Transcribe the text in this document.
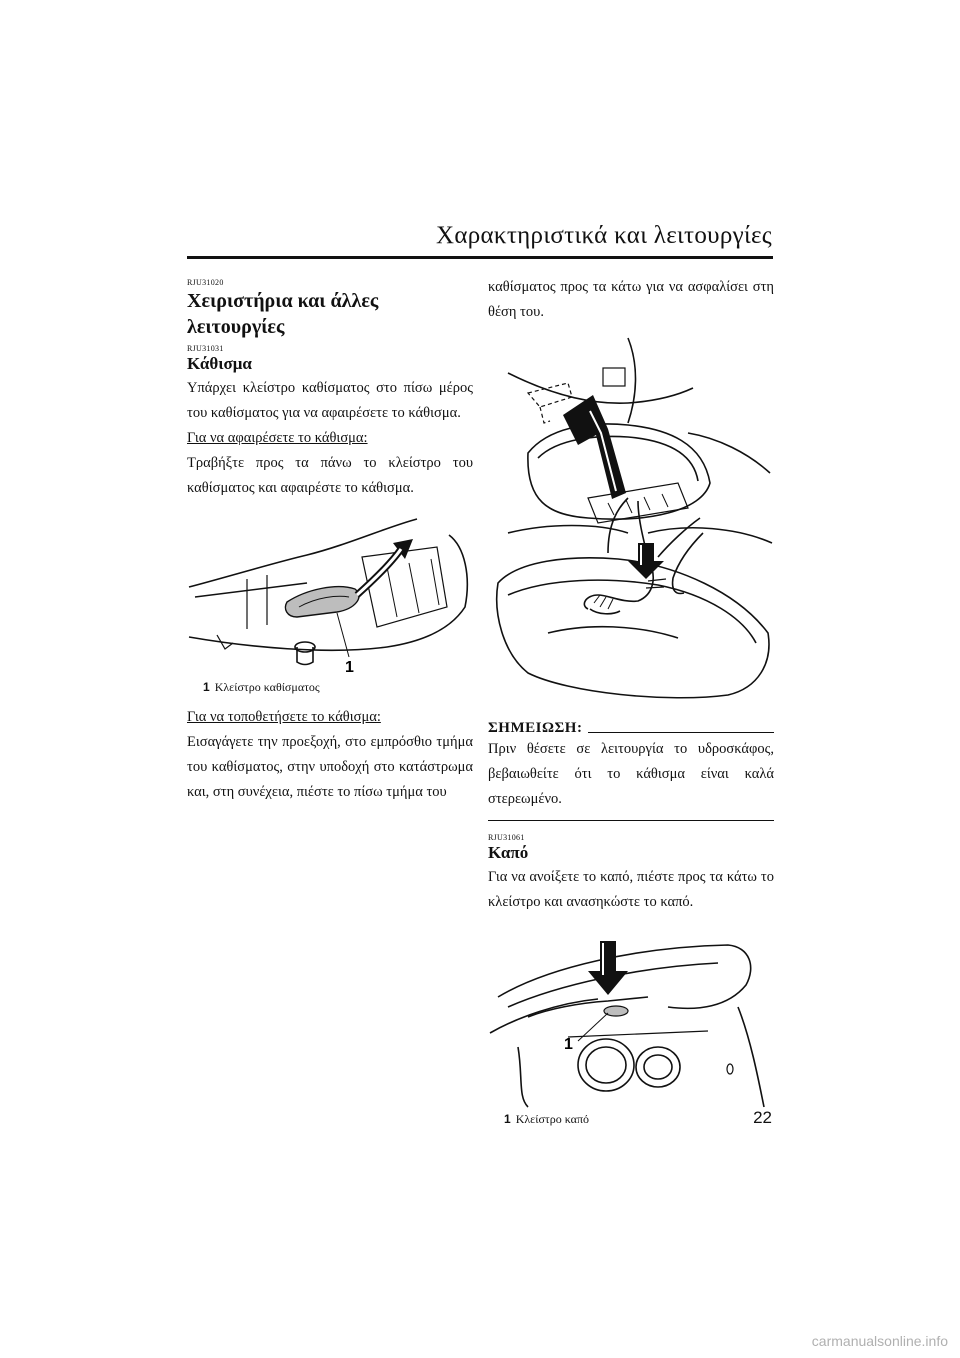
Χαρακτηριστικά και λειτουργίες

RJU31020

Χειριστήρια και άλλες λειτουργίες

RJU31031

Κάθισμα

Υπάρχει κλείστρο καθίσματος στο πίσω μέρος του καθίσματος για να αφαιρέσετε το κάθισμα.

Για να αφαιρέσετε το κάθισμα:

Τραβήξτε προς τα πάνω το κλείστρο του καθίσματος και αφαιρέστε το κάθισμα.

1
1 Κλείστρο καθίσματος

Για να τοποθετήσετε το κάθισμα:

Εισαγάγετε την προεξοχή, στο εμπρόσθιο τμήμα του καθίσματος, στην υποδοχή στο κατάστρωμα και, στη συνέχεια, πιέστε το πίσω τμήμα του

καθίσματος προς τα κάτω για να ασφαλίσει στη θέση του.

ΣΗΜΕΙΩΣΗ:

Πριν θέσετε σε λειτουργία το υδροσκάφος, βεβαιωθείτε ότι το κάθισμα είναι καλά στερεωμένο.

RJU31061

Καπό

Για να ανοίξετε το καπό, πιέστε προς τα κάτω το κλείστρο και ανασηκώστε το καπό.

1
1 Κλείστρο καπό	22
carmanualsonline.info
